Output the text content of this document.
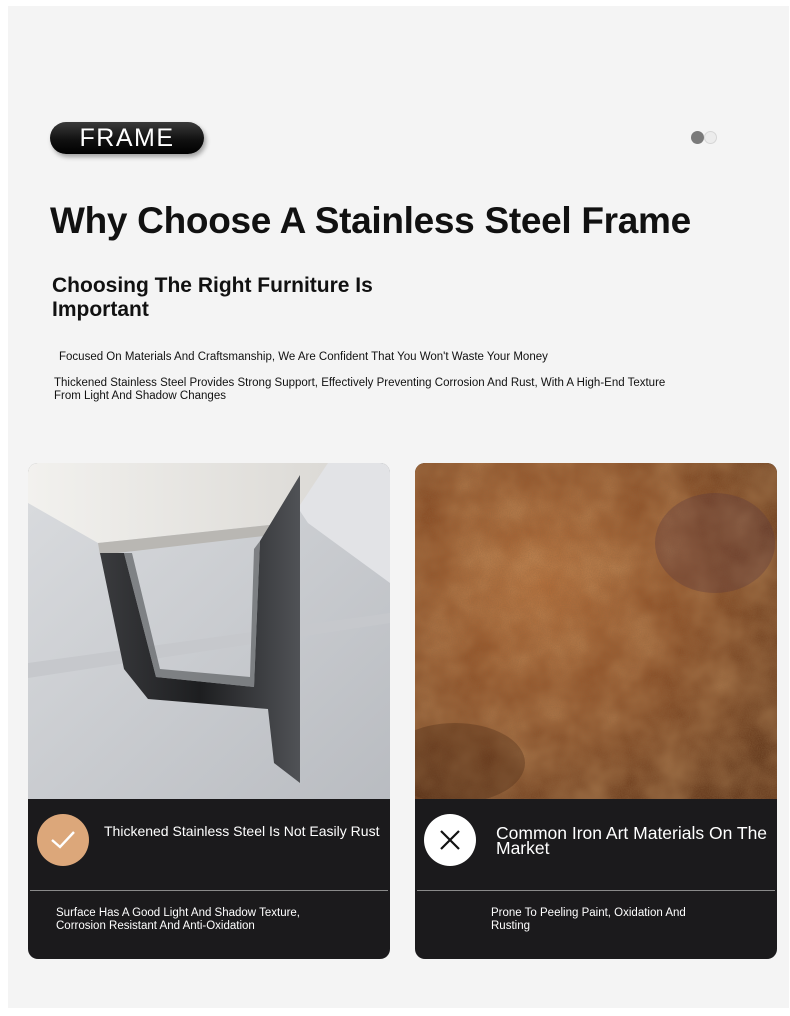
FRAME
Why Choose A Stainless Steel Frame
Choosing The Right Furniture Is Important
Focused On Materials And Craftsmanship, We Are Confident That You Won't Waste Your Money
Thickened Stainless Steel Provides Strong Support, Effectively Preventing Corrosion And Rust, With A High-End Texture From Light And Shadow Changes
Thickened Stainless Steel Is Not Easily Rust
Surface Has A Good Light And Shadow Texture, Corrosion Resistant And Anti-Oxidation
Common Iron Art Materials On The Market
Prone To Peeling Paint, Oxidation And Rusting
